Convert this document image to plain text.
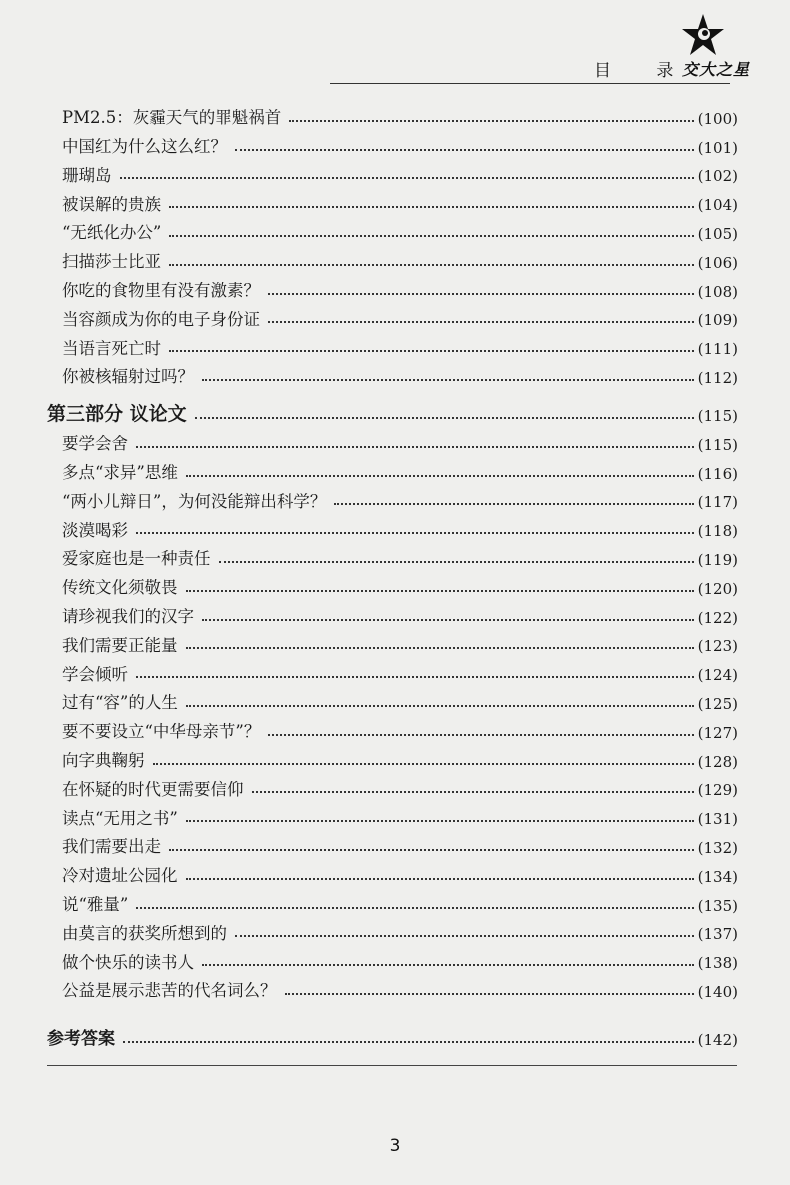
目 录
交大之星
PM2.5：灰霾天气的罪魁祸首	(100)
中国红为什么这么红？	(101)
珊瑚岛	(102)
被误解的贵族	(104)
“无纸化办公”	(105)
扫描莎士比亚	(106)
你吃的食物里有没有激素？	(108)
当容颜成为你的电子身份证	(109)
当语言死亡时	(111)
你被核辐射过吗？	(112)
第三部分 议论文	(115)
要学会舍	(115)
多点“求异”思维	(116)
“两小儿辩日”，为何没能辩出科学？	(117)
淡漠喝彩	(118)
爱家庭也是一种责任	(119)
传统文化须敬畏	(120)
请珍视我们的汉字	(122)
我们需要正能量	(123)
学会倾听	(124)
过有“容”的人生	(125)
要不要设立“中华母亲节”？	(127)
向字典鞠躬	(128)
在怀疑的时代更需要信仰	(129)
读点“无用之书”	(131)
我们需要出走	(132)
冷对遗址公园化	(134)
说“雅量”	(135)
由莫言的获奖所想到的	(137)
做个快乐的读书人	(138)
公益是展示悲苦的代名词么？	(140)
参考答案	(142)
3
